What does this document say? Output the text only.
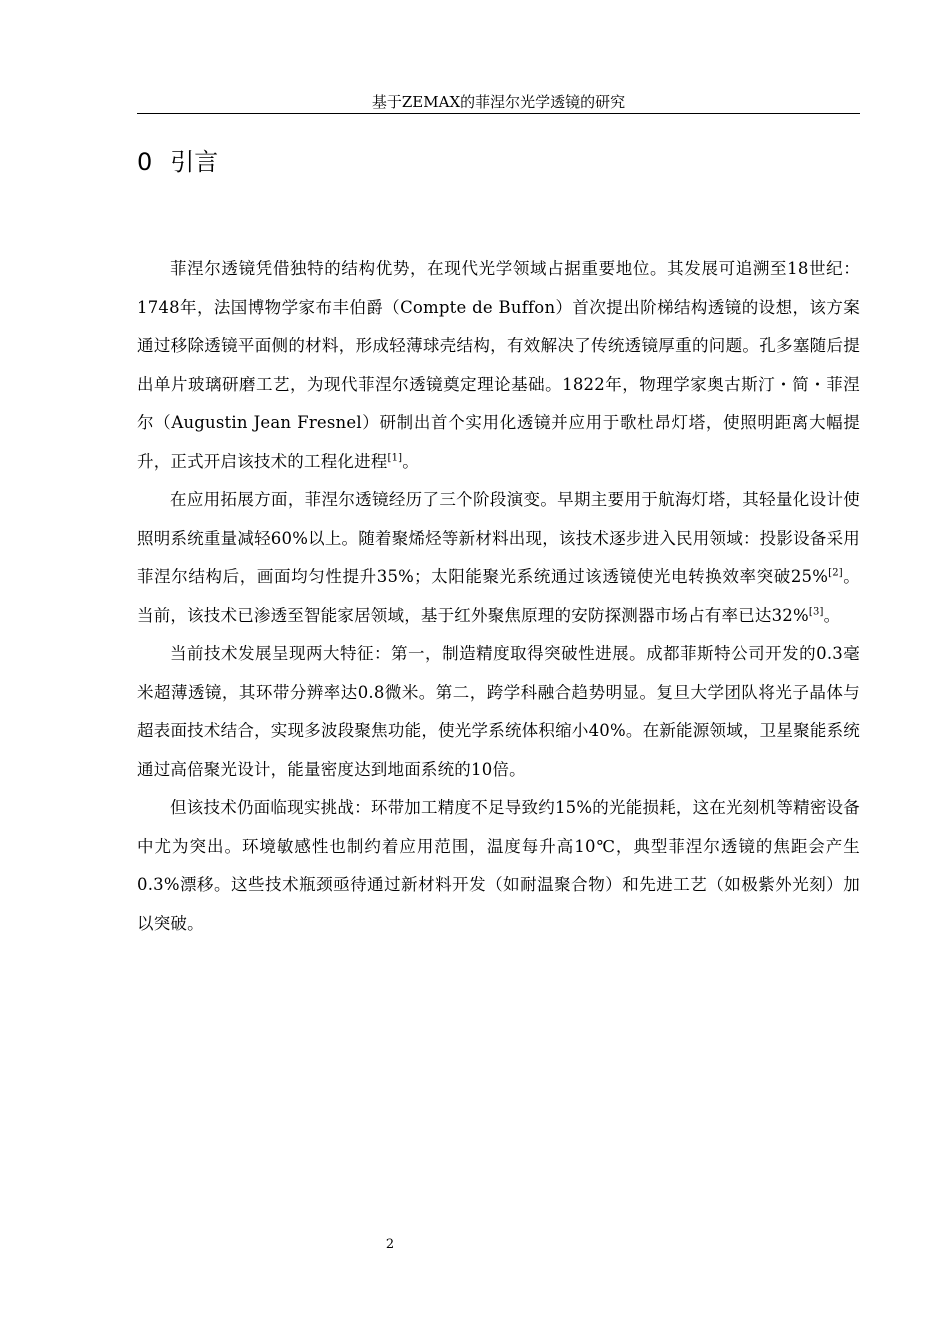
基于ZEMAX的菲涅尔光学透镜的研究
0 引言

菲涅尔透镜凭借独特的结构优势，在现代光学领域占据重要地位。其发展可追溯至18世纪：1748年，法国博物学家布丰伯爵（Compte de Buffon）首次提出阶梯结构透镜的设想，该方案通过移除透镜平面侧的材料，形成轻薄球壳结构，有效解决了传统透镜厚重的问题。孔多塞随后提出单片玻璃研磨工艺，为现代菲涅尔透镜奠定理论基础。1822年，物理学家奥古斯汀・简・菲涅尔（Augustin Jean Fresnel）研制出首个实用化透镜并应用于歌杜昂灯塔，使照明距离大幅提升，正式开启该技术的工程化进程[1]。

在应用拓展方面，菲涅尔透镜经历了三个阶段演变。早期主要用于航海灯塔，其轻量化设计使照明系统重量减轻60%以上。随着聚烯烃等新材料出现，该技术逐步进入民用领域：投影设备采用菲涅尔结构后，画面均匀性提升35%；太阳能聚光系统通过该透镜使光电转换效率突破25%[2]。当前，该技术已渗透至智能家居领域，基于红外聚焦原理的安防探测器市场占有率已达32%[3]。

当前技术发展呈现两大特征：第一，制造精度取得突破性进展。成都菲斯特公司开发的0.3毫米超薄透镜，其环带分辨率达0.8微米。第二，跨学科融合趋势明显。复旦大学团队将光子晶体与超表面技术结合，实现多波段聚焦功能，使光学系统体积缩小40%。在新能源领域，卫星聚能系统通过高倍聚光设计，能量密度达到地面系统的10倍。

但该技术仍面临现实挑战：环带加工精度不足导致约15%的光能损耗，这在光刻机等精密设备中尤为突出。环境敏感性也制约着应用范围，温度每升高10℃，典型菲涅尔透镜的焦距会产生0.3%漂移。这些技术瓶颈亟待通过新材料开发（如耐温聚合物）和先进工艺（如极紫外光刻）加以突破。

2
